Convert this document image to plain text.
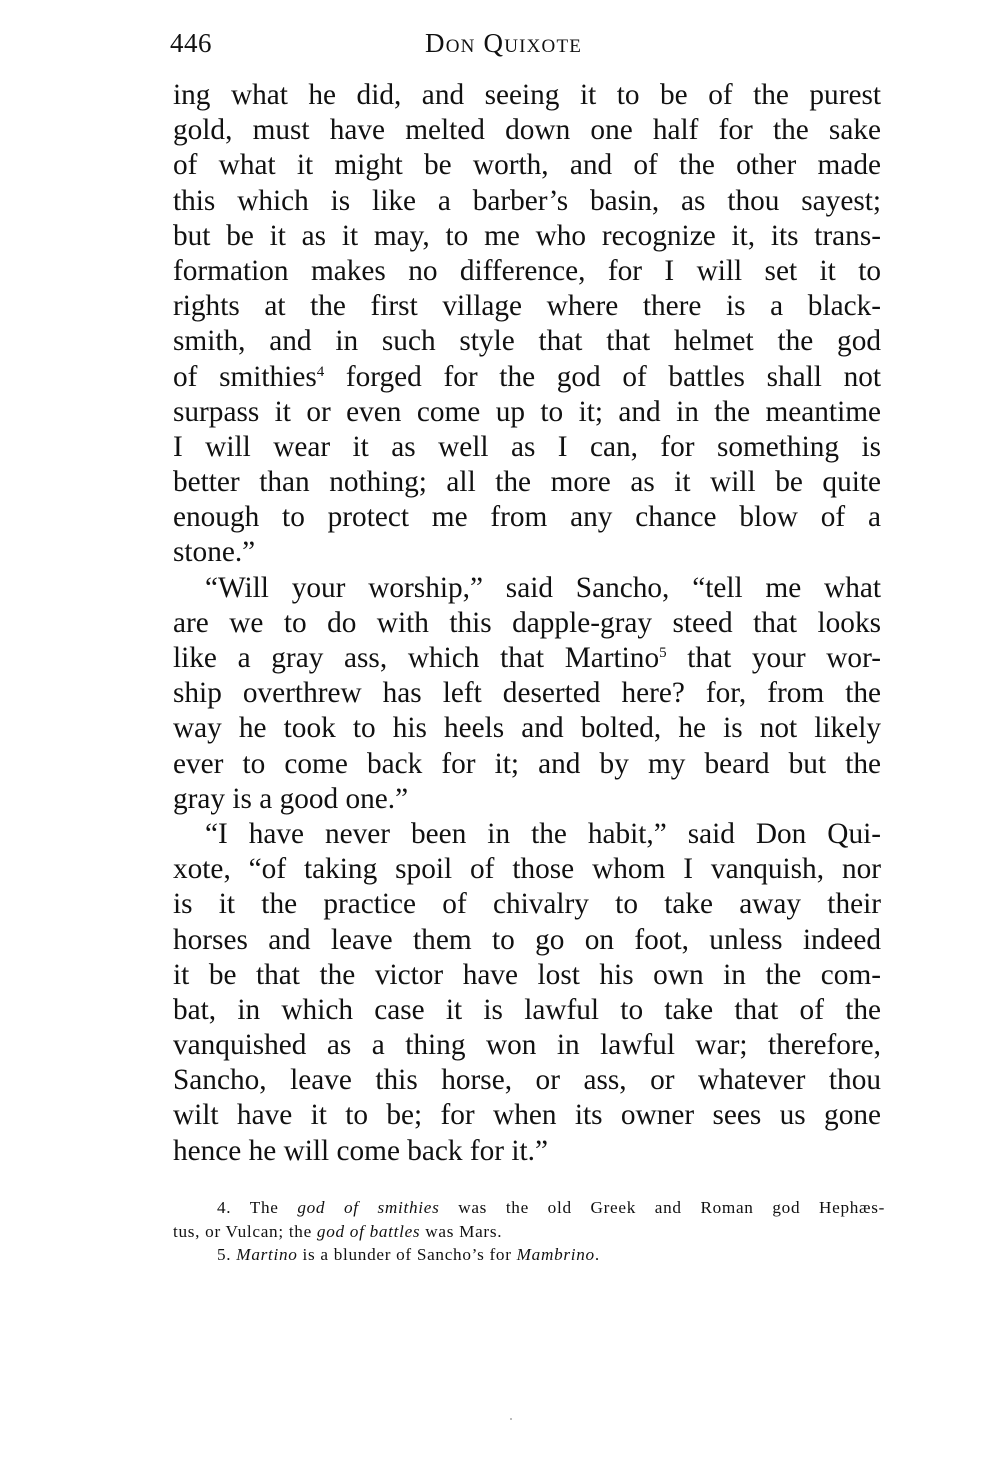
446	Don Quixote
ing what he did, and seeing it to be of the purest
gold, must have melted down one half for the sake
of what it might be worth, and of the other made
this which is like a barber’s basin, as thou sayest;
but be it as it may, to me who recognize it, its trans-
formation makes no difference, for I will set it to
rights at the first village where there is a black-
smith, and in such style that that helmet the god
of smithies$^4$ forged for the god of battles shall not
surpass it or even come up to it; and in the meantime
I will wear it as well as I can, for something is
better than nothing; all the more as it will be quite
enough to protect me from any chance blow of a
stone.”
“Will your worship,” said Sancho, “tell me what
are we to do with this dapple-gray steed that looks
like a gray ass, which that Martino$^5$ that your wor-
ship overthrew has left deserted here? for, from the
way he took to his heels and bolted, he is not likely
ever to come back for it; and by my beard but the
gray is a good one.”
“I have never been in the habit,” said Don Qui-
xote, “of taking spoil of those whom I vanquish, nor
is it the practice of chivalry to take away their
horses and leave them to go on foot, unless indeed
it be that the victor have lost his own in the com-
bat, in which case it is lawful to take that of the
vanquished as a thing won in lawful war; therefore,
Sancho, leave this horse, or ass, or whatever thou
wilt have it to be; for when its owner sees us gone
hence he will come back for it.”
4. The god of smithies was the old Greek and Roman god Hephæs-
tus, or Vulcan; the god of battles was Mars.
5. Martino is a blunder of Sancho’s for Mambrino.
